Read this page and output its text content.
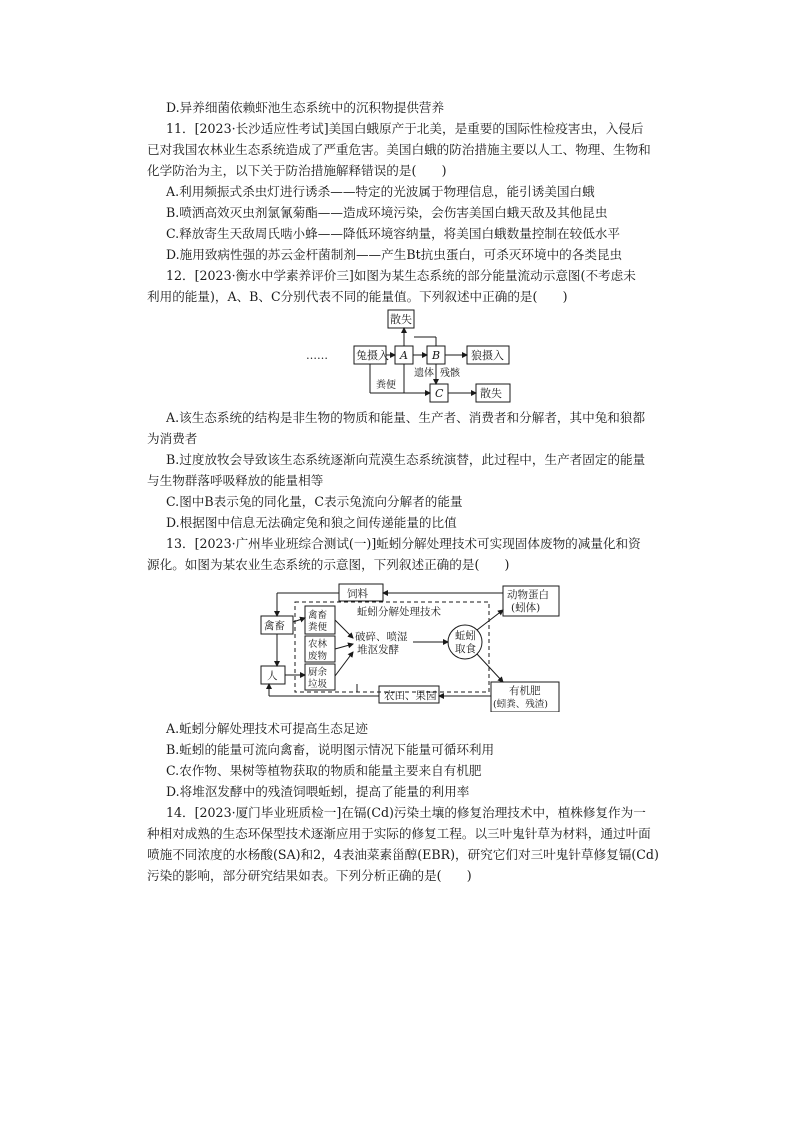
D.异养细菌依赖虾池生态系统中的沉积物提供营养
11．[2023·长沙适应性考试]美国白蛾原产于北美，是重要的国际性检疫害虫，入侵后
已对我国农林业生态系统造成了严重危害。美国白蛾的防治措施主要以人工、物理、生物和
化学防治为主，以下关于防治措施解释错误的是(　　)
A.利用频振式杀虫灯进行诱杀——特定的光波属于物理信息，能引诱美国白蛾
B.喷洒高效灭虫剂氯氰菊酯——造成环境污染，会伤害美国白蛾天敌及其他昆虫
C.释放寄生天敌周氏啮小蜂——降低环境容纳量，将美国白蛾数量控制在较低水平
D.施用致病性强的苏云金杆菌制剂——产生Bt抗虫蛋白，可杀灭环境中的各类昆虫
12．[2023·衡水中学素养评价三]如图为某生态系统的部分能量流动示意图(不考虑未
利用的能量)，A、B、C分别代表不同的能量值。下列叙述中正确的是(　　)
……
散失
兔摄入 A B	狼摄入
C	散失
遗体 残骸
粪便
A.该生态系统的结构是非生物的物质和能量、生产者、消费者和分解者，其中兔和狼都
为消费者
B.过度放牧会导致该生态系统逐渐向荒漠生态系统演替，此过程中，生产者固定的能量
与生物群落呼吸释放的能量相等
C.图中B表示兔的同化量，C表示兔流向分解者的能量
D.根据图中信息无法确定兔和狼之间传递能量的比值
13．[2023·广州毕业班综合测试(一)]蚯蚓分解处理技术可实现固体废物的减量化和资
源化。如图为某农业生态系统的示意图，下列叙述正确的是(　　)
饲料
禽畜
人
蚯蚓分解处理技术
禽畜
粪便
农林
废物
厨余
垃圾
破碎、喷湿
堆沤发酵
蚯蚓
取食
动物蛋白
(蚓体)
有机肥
(蚓粪、残渣)
农田、果园
A.蚯蚓分解处理技术可提高生态足迹
B.蚯蚓的能量可流向禽畜，说明图示情况下能量可循环利用
C.农作物、果树等植物获取的物质和能量主要来自有机肥
D.将堆沤发酵中的残渣饲喂蚯蚓，提高了能量的利用率
14．[2023·厦门毕业班质检一]在镉(Cd)污染土壤的修复治理技术中，植株修复作为一
种相对成熟的生态环保型技术逐渐应用于实际的修复工程。以三叶鬼针草为材料，通过叶面
喷施不同浓度的水杨酸(SA)和2，4表油菜素甾醇(EBR)，研究它们对三叶鬼针草修复镉(Cd)
污染的影响，部分研究结果如表。下列分析正确的是(　　)
